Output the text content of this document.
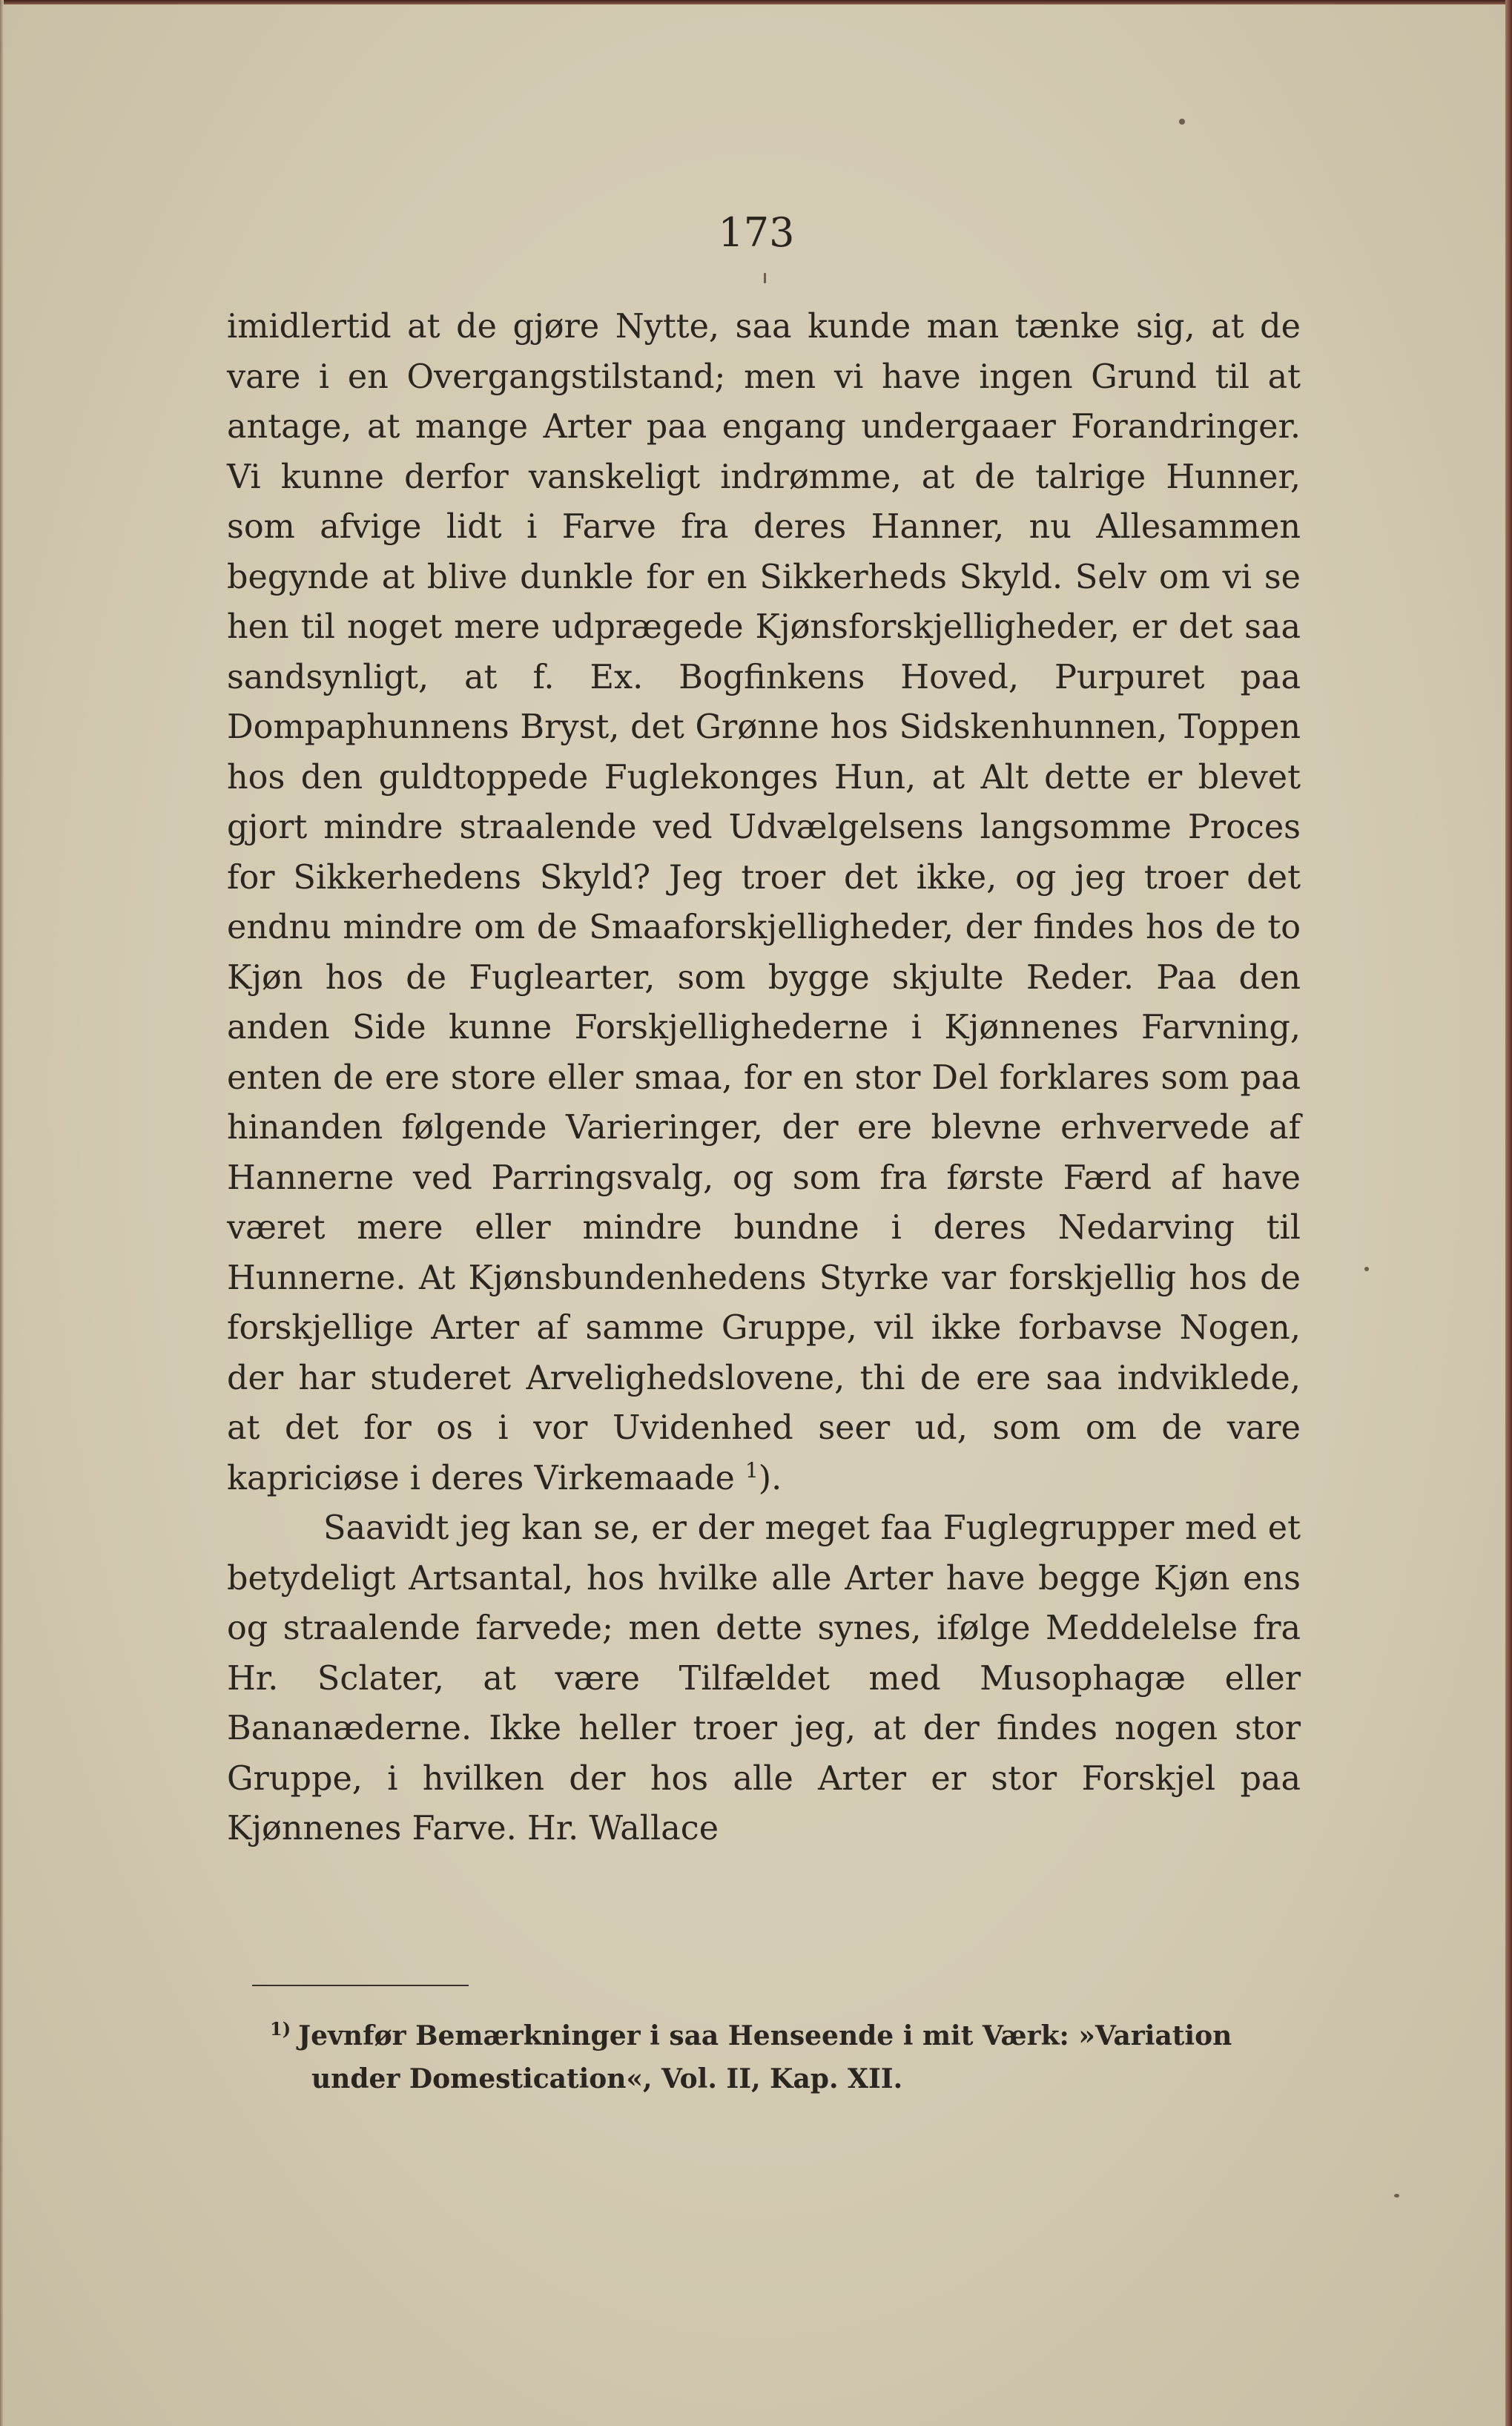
173

imidlertid at de gjøre Nytte, saa kunde man tænke sig, at de vare i en Overgangstilstand; men vi have ingen Grund til at antage, at mange Arter paa engang undergaaer Forandringer. Vi kunne derfor vanskeligt indrømme, at de talrige Hunner, som afvige lidt i Farve fra deres Hanner, nu Allesammen begynde at blive dunkle for en Sikkerheds Skyld. Selv om vi se hen til noget mere udprægede Kjønsforskjelligheder, er det saa sandsynligt, at f. Ex. Bogfinkens Hoved, Purpuret paa Dompaphunnens Bryst, det Grønne hos Sidskenhunnen, Toppen hos den guldtoppede Fuglekonges Hun, at Alt dette er blevet gjort mindre straalende ved Udvælgelsens langsomme Proces for Sikkerhedens Skyld? Jeg troer det ikke, og jeg troer det endnu mindre om de Smaaforskjelligheder, der findes hos de to Kjøn hos de Fuglearter, som bygge skjulte Reder. Paa den anden Side kunne Forskjellighederne i Kjønnenes Farvning, enten de ere store eller smaa, for en stor Del forklares som paa hinanden følgende Varieringer, der ere blevne erhvervede af Hannerne ved Parringsvalg, og som fra første Færd af have været mere eller mindre bundne i deres Nedarving til Hunnerne. At Kjønsbundenhedens Styrke var forskjellig hos de forskjellige Arter af samme Gruppe, vil ikke forbavse Nogen, der har studeret Arvelighedslovene, thi de ere saa indviklede, at det for os i vor Uvidenhed seer ud, som om de vare kapriciøse i deres Virkemaade $^1$).

Saavidt jeg kan se, er der meget faa Fuglegrupper med et betydeligt Artsantal, hos hvilke alle Arter have begge Kjøn ens og straalende farvede; men dette synes, ifølge Meddelelse fra Hr. Sclater, at være Tilfældet med Musophagæ eller Bananæderne. Ikke heller troer jeg, at der findes nogen stor Gruppe, i hvilken der hos alle Arter er stor Forskjel paa Kjønnenes Farve. Hr. Wallace

$^{1)}$ Jevnfør Bemærkninger i saa Henseende i mit Værk: »Variation
under Domestication«, Vol. II, Kap. XII.
